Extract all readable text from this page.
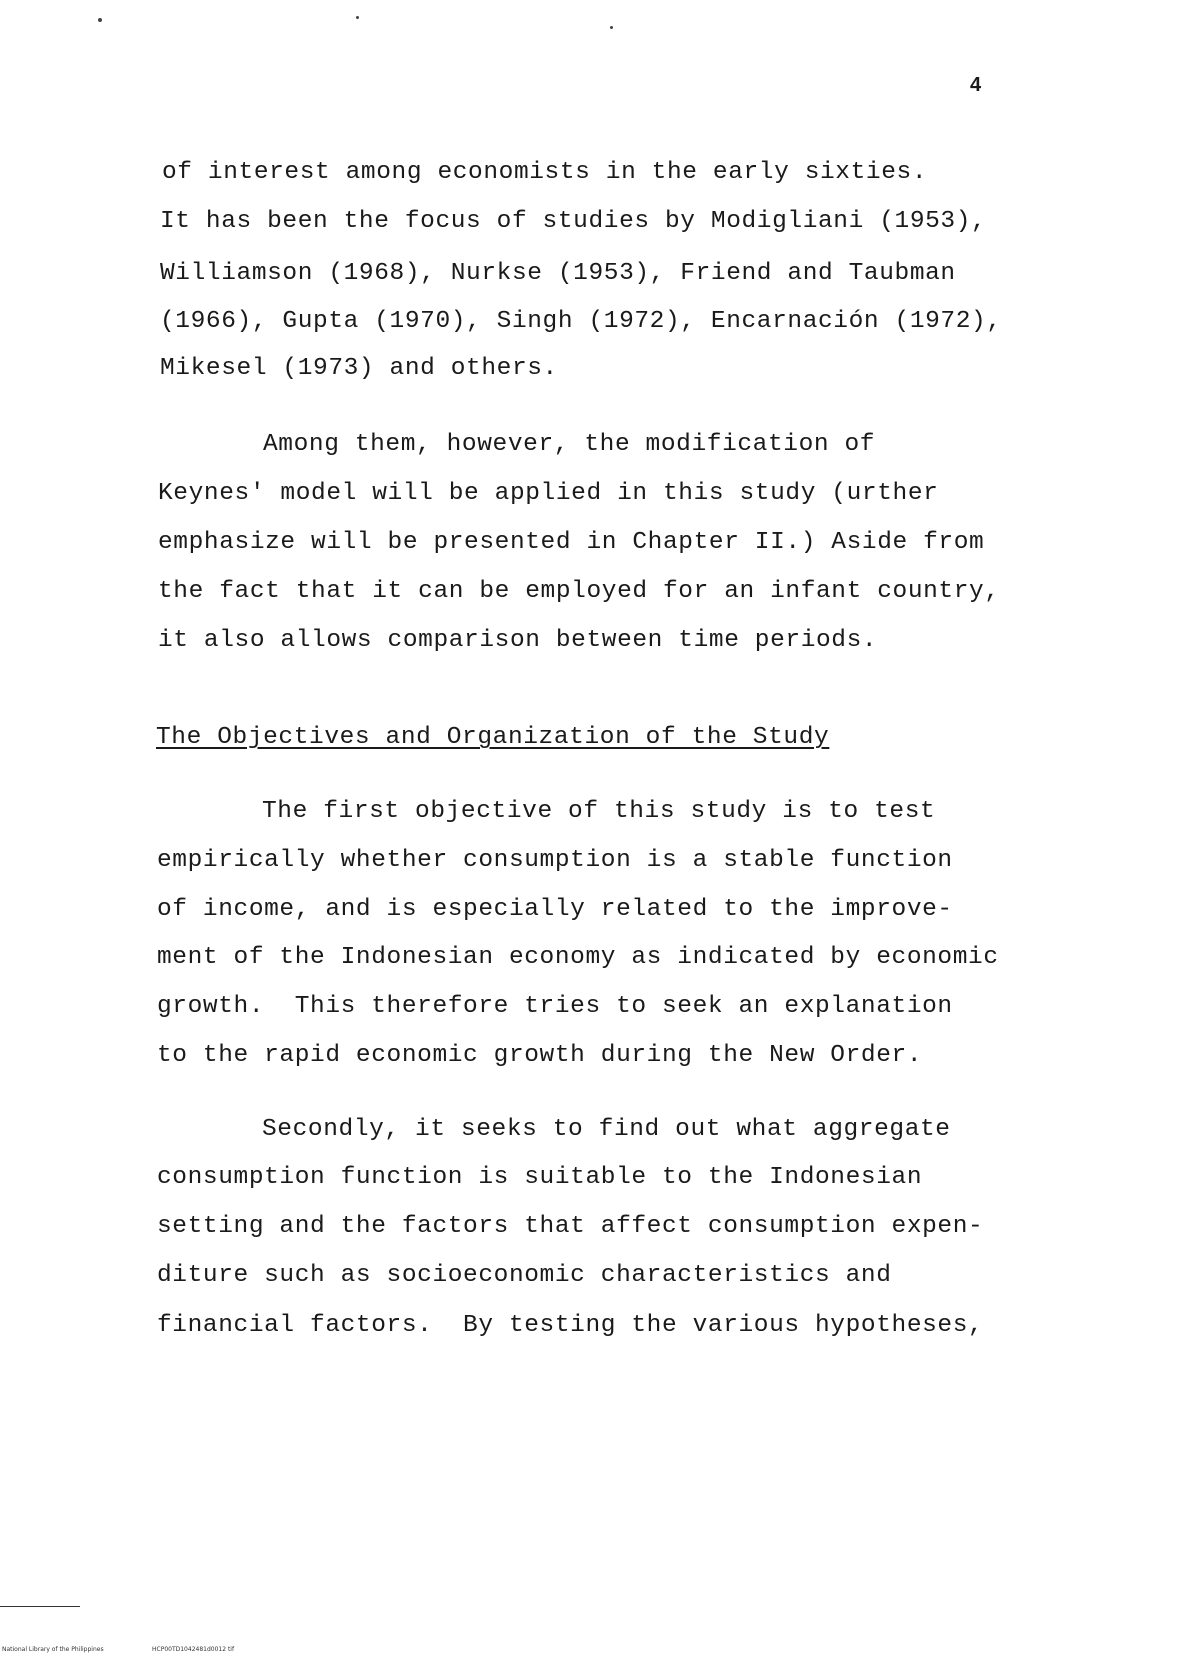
4
of interest among economists in the early sixties.
It has been the focus of studies by Modigliani (1953),
Williamson (1968), Nurkse (1953), Friend and Taubman
(1966), Gupta (1970), Singh (1972), Encarnación (1972),
Mikesel (1973) and others.
Among them, however, the modification of
Keynes' model will be applied in this study (urther
emphasize will be presented in Chapter II.) Aside from
the fact that it can be employed for an infant country,
it also allows comparison between time periods.
The Objectives and Organization of the Study
The first objective of this study is to test
empirically whether consumption is a stable function
of income, and is especially related to the improve-
ment of the Indonesian economy as indicated by economic
growth.  This therefore tries to seek an explanation
to the rapid economic growth during the New Order.
Secondly, it seeks to find out what aggregate
consumption function is suitable to the Indonesian
setting and the factors that affect consumption expen-
diture such as socioeconomic characteristics and
financial factors.  By testing the various hypotheses,
National Library of the Philippines	HCP00TD1042481d0012 tif
